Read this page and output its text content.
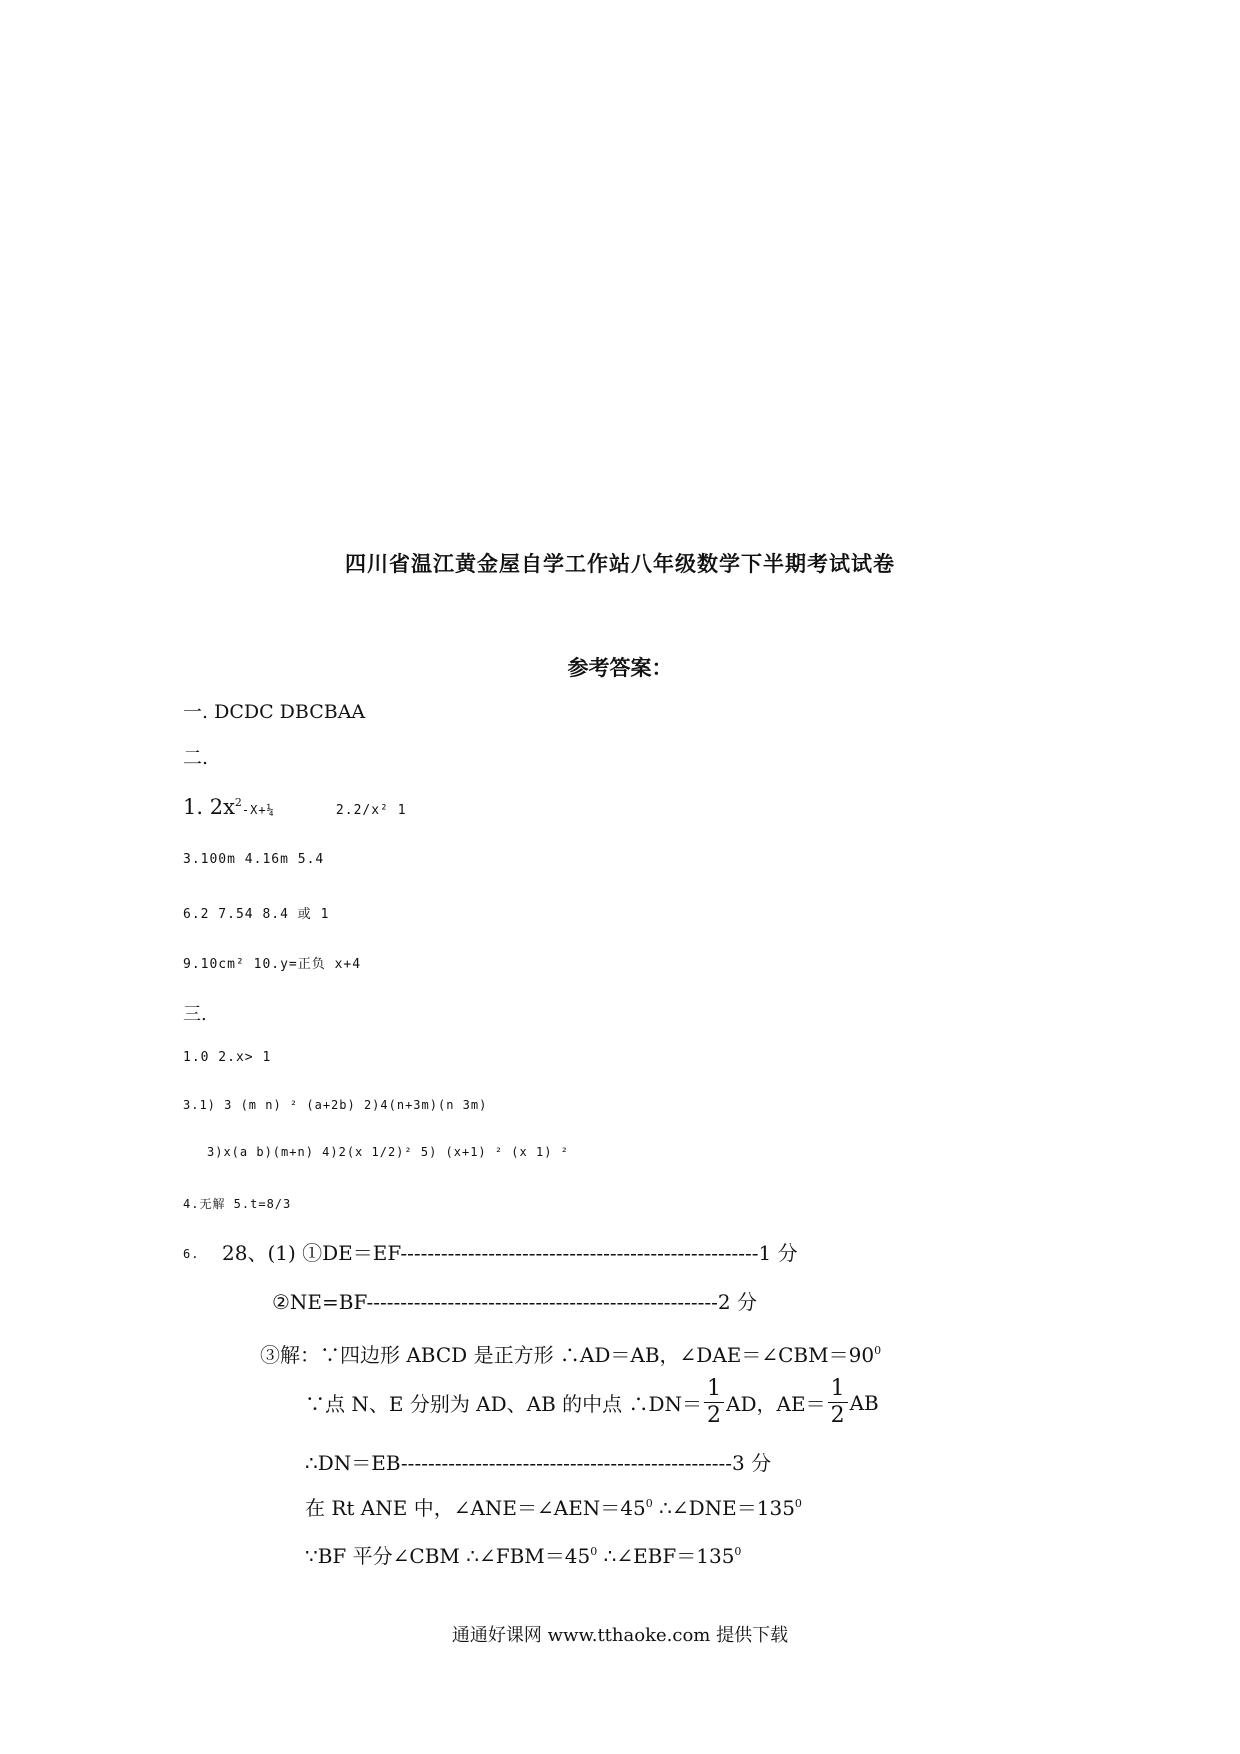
四川省温江黄金屋自学工作站八年级数学下半期考试试卷
参考答案：
一. DCDC DBCBAA
二.
1. $2x^2-X+\frac{1}{4}$	2.2/x² 1
3.100m 4.16m 5.4
6.2 7.54 8.4 或 1
9.10cm² 10.y=正负 x+4
三.
1.0 2.x> 1
3.1) 3 (m n) ² (a+2b) 2)4(n+3m)(n 3m)
3)x(a b)(m+n) 4)2(x 1/2)² 5) (x+1) ² (x 1) ²
4.无解 5.t=8/3
6. 28、(1) ①DE＝EF-----------------------------------------------------1 分
②NE=BF----------------------------------------------------2 分
③解：∵四边形 ABCD 是正方形 ∴AD＝AB，$\angle DAE=\angle CBM=90^0$
∵点 N、E 分别为 AD、AB 的中点 ∴DN＝ $\frac{1}{2}$ AD，$AE= \frac{1}{2}$ AB
∴DN＝EB-------------------------------------------------3 分
在 Rt ANE 中，$\angle ANE=\angle AEN=45^0$ $\therefore\angle DNE=135^0$
∵BF 平分∠CBM $\therefore\angle FBM=45^0$ $\therefore\angle EBF=135^0$
通通好课网 www.tthaoke.com 提供下载
